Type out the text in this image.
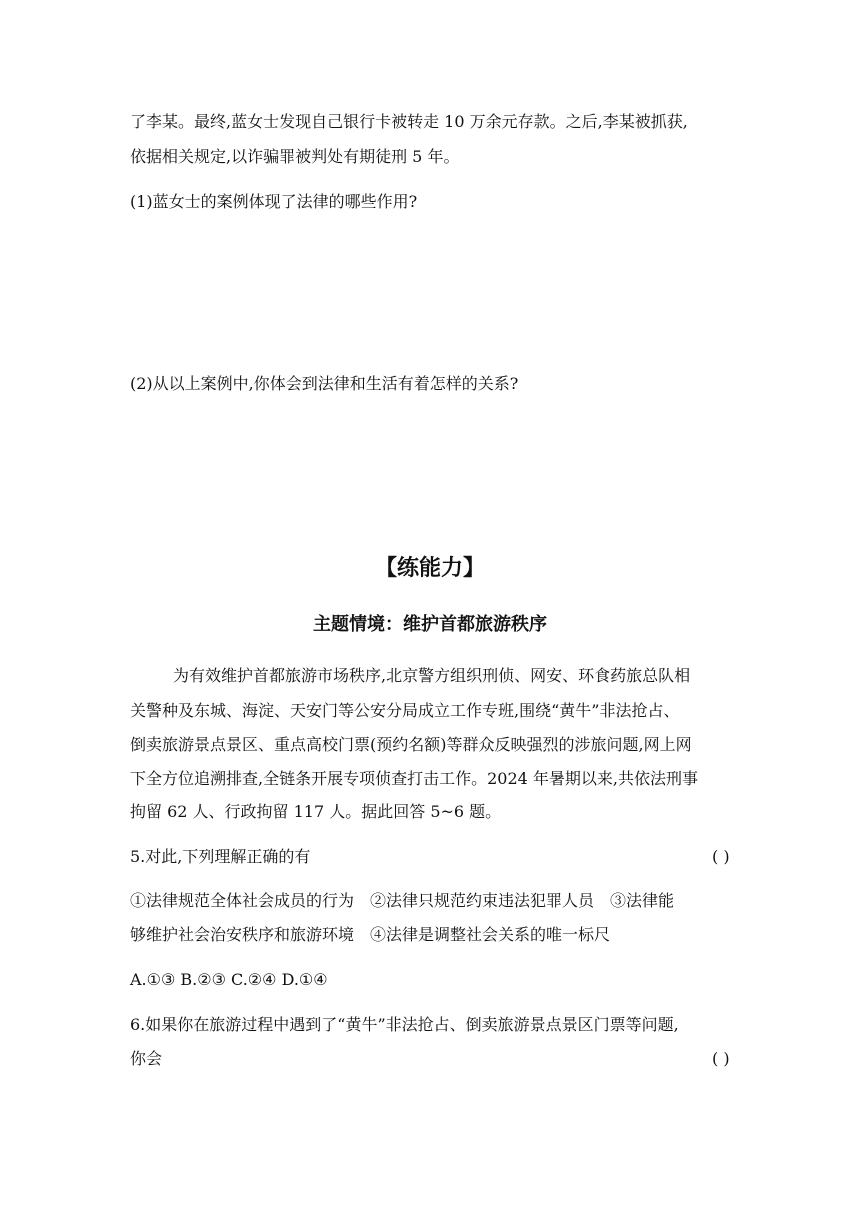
了李某。最终,蓝女士发现自己银行卡被转走 10 万余元存款。之后,李某被抓获,
依据相关规定,以诈骗罪被判处有期徒刑 5 年。
(1)蓝女士的案例体现了法律的哪些作用?
(2)从以上案例中,你体会到法律和生活有着怎样的关系?
【练能力】
主题情境：维护首都旅游秩序
为有效维护首都旅游市场秩序,北京警方组织刑侦、网安、环食药旅总队相
关警种及东城、海淀、天安门等公安分局成立工作专班,围绕“黄牛”非法抢占、
倒卖旅游景点景区、重点高校门票(预约名额)等群众反映强烈的涉旅问题,网上网
下全方位追溯排查,全链条开展专项侦查打击工作。2024 年暑期以来,共依法刑事
拘留 62 人、行政拘留 117 人。据此回答 5~6 题。
5.对此,下列理解正确的有	( )
①法律规范全体社会成员的行为　②法律只规范约束违法犯罪人员　③法律能
够维护社会治安秩序和旅游环境　④法律是调整社会关系的唯一标尺
A.①③ B.②③ C.②④ D.①④
6.如果你在旅游过程中遇到了“黄牛”非法抢占、倒卖旅游景点景区门票等问题,
你会	( )
